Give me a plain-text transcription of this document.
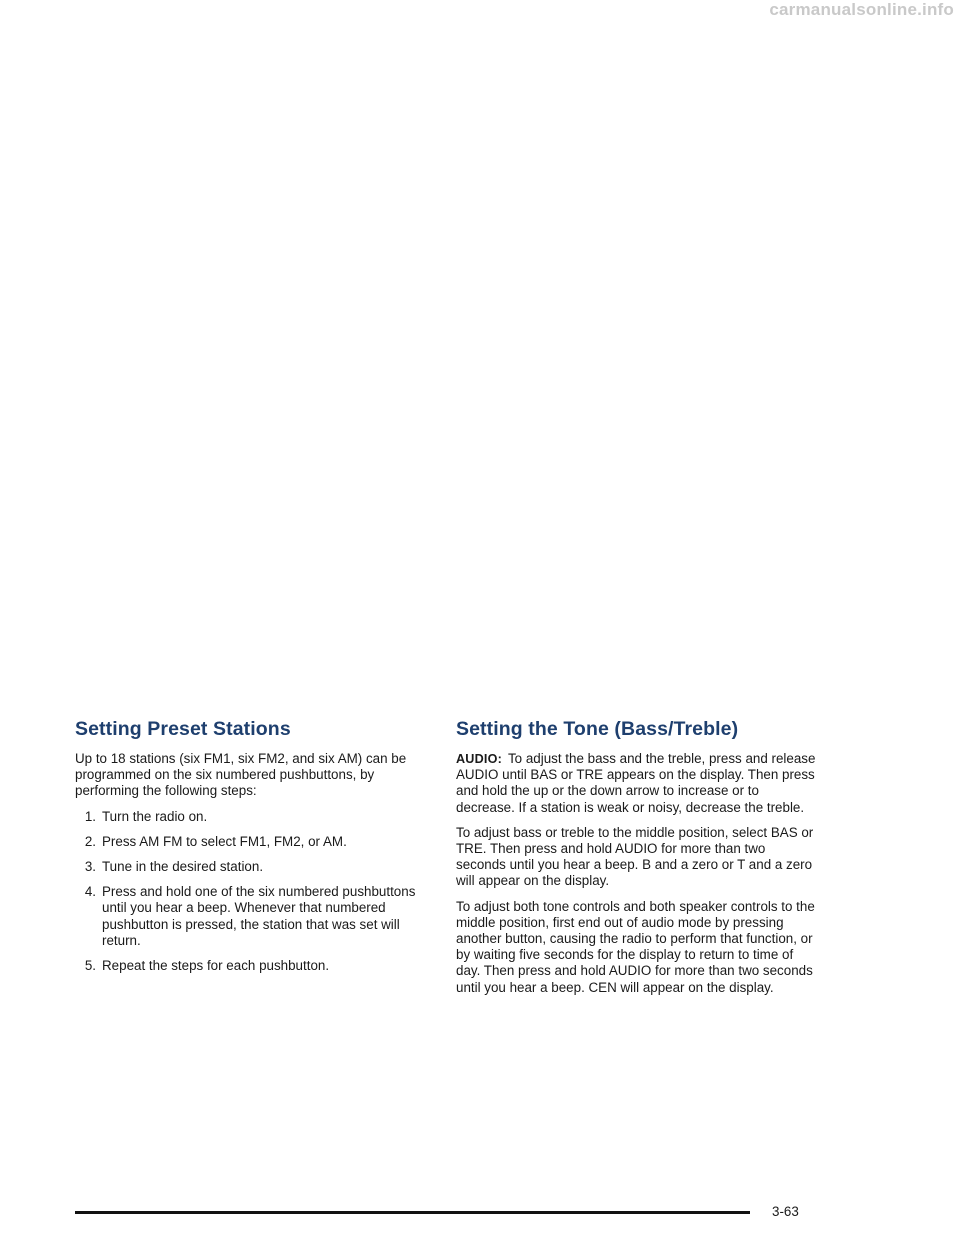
Setting Preset Stations

Up to 18 stations (six FM1, six FM2, and six AM) can be programmed on the six numbered pushbuttons, by performing the following steps:

1. Turn the radio on.
2. Press AM FM to select FM1, FM2, or AM.
3. Tune in the desired station.
4. Press and hold one of the six numbered pushbuttons until you hear a beep. Whenever that numbered pushbutton is pressed, the station that was set will return.
5. Repeat the steps for each pushbutton.
Setting the Tone (Bass/Treble)

AUDIO: To adjust the bass and the treble, press and release AUDIO until BAS or TRE appears on the display. Then press and hold the up or the down arrow to increase or to decrease. If a station is weak or noisy, decrease the treble.

To adjust bass or treble to the middle position, select BAS or TRE. Then press and hold AUDIO for more than two seconds until you hear a beep. B and a zero or T and a zero will appear on the display.

To adjust both tone controls and both speaker controls to the middle position, first end out of audio mode by pressing another button, causing the radio to perform that function, or by waiting five seconds for the display to return to time of day. Then press and hold AUDIO for more than two seconds until you hear a beep. CEN will appear on the display.

3-63
carmanualsonline.info
